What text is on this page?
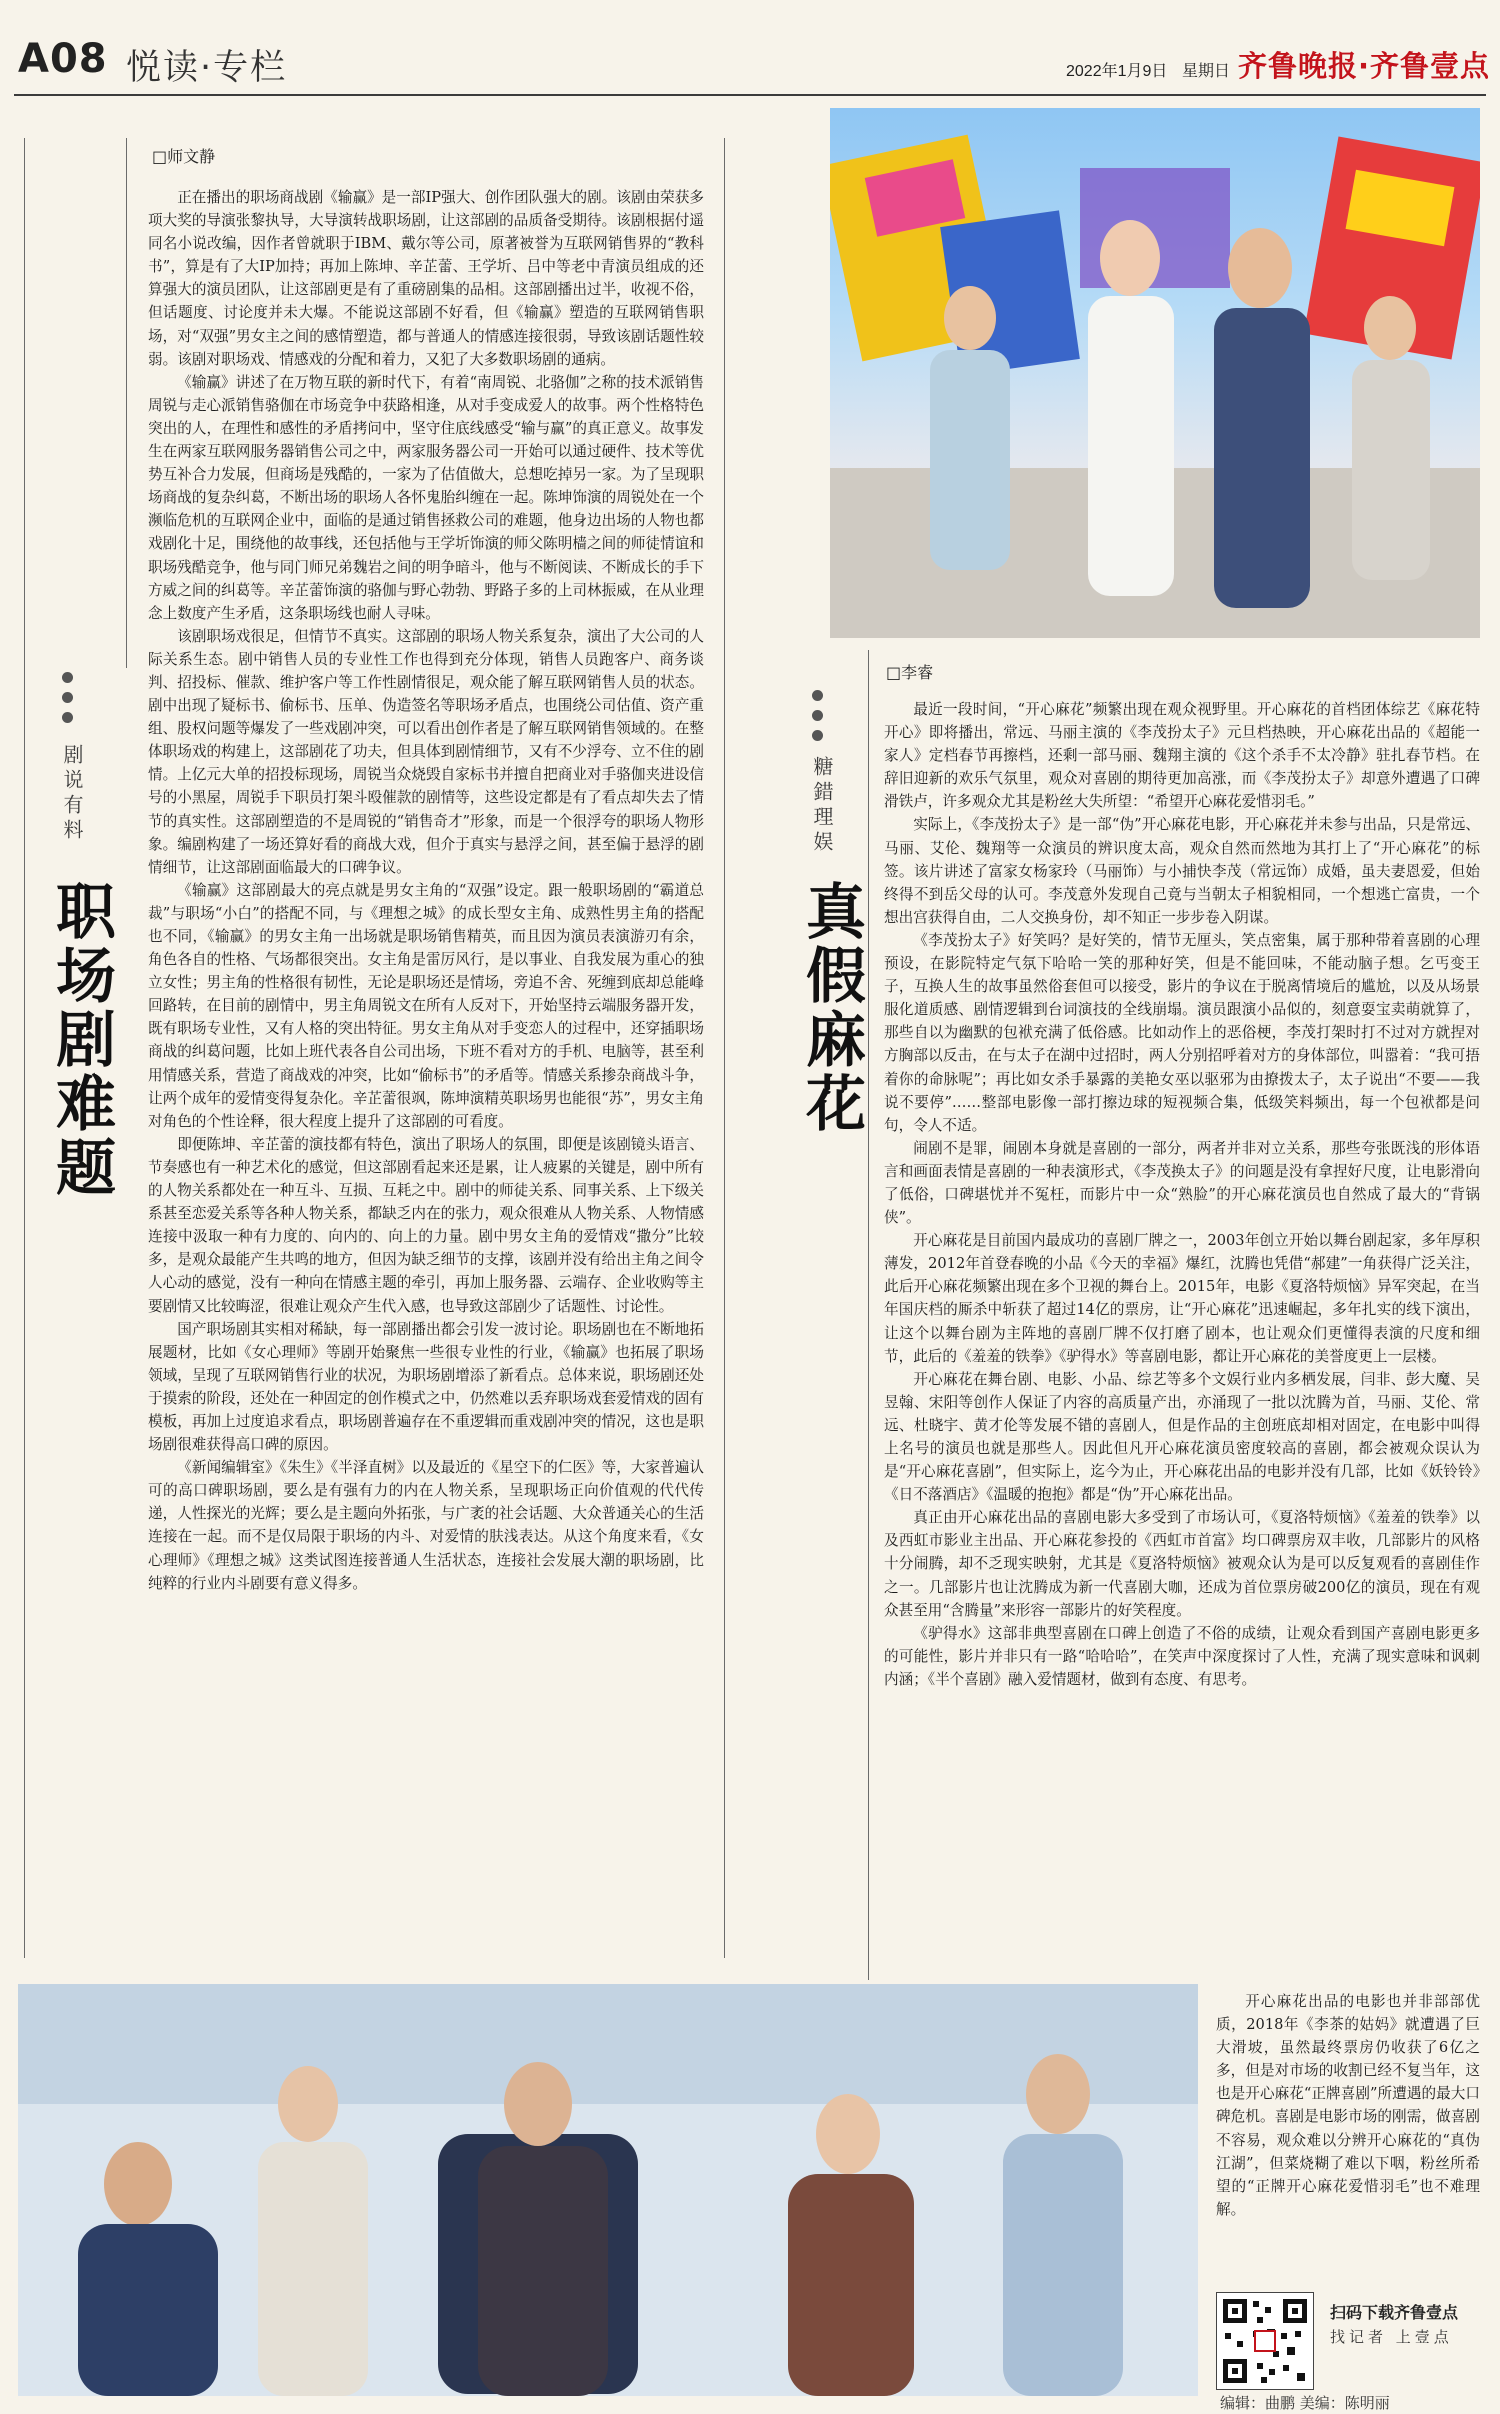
A08 悦读·专栏	2022年1月9日 星期日 齐鲁晚报·齐鲁壹点
□师文静
剧说有料
职场剧难题

正在播出的职场商战剧《输赢》是一部IP强大、创作团队强大的剧。该剧由荣获多项大奖的导演张黎执导，大导演转战职场剧，让这部剧的品质备受期待。该剧根据付遥同名小说改编，因作者曾就职于IBM、戴尔等公司，原著被誉为互联网销售界的“教科书”，算是有了大IP加持；再加上陈坤、辛芷蕾、王学圻、吕中等老中青演员组成的还算强大的演员团队，让这部剧更是有了重磅剧集的品相。这部剧播出过半，收视不俗，但话题度、讨论度并未大爆。不能说这部剧不好看，但《输赢》塑造的互联网销售职场，对“双强”男女主之间的感情塑造，都与普通人的情感连接很弱，导致该剧话题性较弱。该剧对职场戏、情感戏的分配和着力，又犯了大多数职场剧的通病。

《输赢》讲述了在万物互联的新时代下，有着“南周锐、北骆伽”之称的技术派销售周锐与走心派销售骆伽在市场竞争中获路相逢，从对手变成爱人的故事。两个性格特色突出的人，在理性和感性的矛盾拷问中，坚守住底线感受“输与赢”的真正意义。故事发生在两家互联网服务器销售公司之中，两家服务器公司一开始可以通过硬件、技术等优势互补合力发展，但商场是残酷的，一家为了估值做大，总想吃掉另一家。为了呈现职场商战的复杂纠葛，不断出场的职场人各怀鬼胎纠缠在一起。陈坤饰演的周锐处在一个濒临危机的互联网企业中，面临的是通过销售拯救公司的难题，他身边出场的人物也都戏剧化十足，围绕他的故事线，还包括他与王学圻饰演的师父陈明樯之间的师徒情谊和职场残酷竞争，他与同门师兄弟魏岩之间的明争暗斗，他与不断阅读、不断成长的手下方威之间的纠葛等。辛芷蕾饰演的骆伽与野心勃勃、野路子多的上司林振威，在从业理念上数度产生矛盾，这条职场线也耐人寻味。

该剧职场戏很足，但情节不真实。这部剧的职场人物关系复杂，演出了大公司的人际关系生态。剧中销售人员的专业性工作也得到充分体现，销售人员跑客户、商务谈判、招投标、催款、维护客户等工作性剧情很足，观众能了解互联网销售人员的状态。剧中出现了疑标书、偷标书、压单、伪造签名等职场矛盾点，也围绕公司估值、资产重组、股权问题等爆发了一些戏剧冲突，可以看出创作者是了解互联网销售领域的。在整体职场戏的构建上，这部剧花了功夫，但具体到剧情细节，又有不少浮夸、立不住的剧情。上亿元大单的招投标现场，周锐当众烧毁自家标书并擅自把商业对手骆伽夹进设信号的小黑屋，周锐手下职员打架斗殴催款的剧情等，这些设定都是有了看点却失去了情节的真实性。这部剧塑造的不是周锐的“销售奇才”形象，而是一个很浮夸的职场人物形象。编剧构建了一场还算好看的商战大戏，但介于真实与悬浮之间，甚至偏于悬浮的剧情细节，让这部剧面临最大的口碑争议。

《输赢》这部剧最大的亮点就是男女主角的“双强”设定。跟一般职场剧的“霸道总裁”与职场“小白”的搭配不同，与《理想之城》的成长型女主角、成熟性男主角的搭配也不同，《输赢》的男女主角一出场就是职场销售精英，而且因为演员表演游刃有余，角色各自的性格、气场都很突出。女主角是雷厉风行，是以事业、自我发展为重心的独立女性；男主角的性格很有韧性，无论是职场还是情场，旁追不舍、死缠到底却总能峰回路转，在目前的剧情中，男主角周锐文在所有人反对下，开始坚持云端服务器开发，既有职场专业性，又有人格的突出特征。男女主角从对手变恋人的过程中，还穿插职场商战的纠葛问题，比如上班代表各自公司出场，下班不看对方的手机、电脑等，甚至利用情感关系，营造了商战戏的冲突，比如“偷标书”的矛盾等。情感关系掺杂商战斗争，让两个成年的爱情变得复杂化。辛芷蕾很飒，陈坤演精英职场男也能很“苏”，男女主角对角色的个性诠释，很大程度上提升了这部剧的可看度。

即便陈坤、辛芷蕾的演技都有特色，演出了职场人的氛围，即便是该剧镜头语言、节奏感也有一种艺术化的感觉，但这部剧看起来还是累，让人疲累的关键是，剧中所有的人物关系都处在一种互斗、互损、互耗之中。剧中的师徒关系、同事关系、上下级关系甚至恋爱关系等各种人物关系，都缺乏内在的张力，观众很难从人物关系、人物情感连接中汲取一种有力度的、向内的、向上的力量。剧中男女主角的爱情戏“撒分”比较多，是观众最能产生共鸣的地方，但因为缺乏细节的支撑，该剧并没有给出主角之间令人心动的感觉，没有一种向在情感主题的牵引，再加上服务器、云端存、企业收购等主要剧情又比较晦涩，很难让观众产生代入感，也导致这部剧少了话题性、讨论性。

国产职场剧其实相对稀缺，每一部剧播出都会引发一波讨论。职场剧也在不断地拓展题材，比如《女心理师》等剧开始聚焦一些很专业性的行业，《输赢》也拓展了职场领域，呈现了互联网销售行业的状况，为职场剧增添了新看点。总体来说，职场剧还处于摸索的阶段，还处在一种固定的创作模式之中，仍然难以丢弃职场戏套爱情戏的固有模板，再加上过度追求看点，职场剧普遍存在不重逻辑而重戏剧冲突的情况，这也是职场剧很难获得高口碑的原因。

《新闻编辑室》《朱生》《半泽直树》以及最近的《星空下的仁医》等，大家普遍认可的高口碑职场剧，要么是有强有力的内在人物关系，呈现职场正向价值观的代代传递，人性探光的光辉；要么是主题向外拓张，与广袤的社会话题、大众普通关心的生活连接在一起。而不是仅局限于职场的内斗、对爱情的肤浅表达。从这个角度来看，《女心理师》《理想之城》这类试图连接普通人生活状态，连接社会发展大潮的职场剧，比纯粹的行业内斗剧要有意义得多。

□李睿
糖錯理娱
真假麻花

最近一段时间，“开心麻花”频繁出现在观众视野里。开心麻花的首档团体综艺《麻花特开心》即将播出，常远、马丽主演的《李茂扮太子》元旦档热映，开心麻花出品的《超能一家人》定档春节再擦档，还剩一部马丽、魏翔主演的《这个杀手不太冷静》驻扎春节档。在辞旧迎新的欢乐气氛里，观众对喜剧的期待更加高涨，而《李茂扮太子》却意外遭遇了口碑滑铁卢，许多观众尤其是粉丝大失所望：“希望开心麻花爱惜羽毛。”

实际上，《李茂扮太子》是一部“伪”开心麻花电影，开心麻花并未参与出品，只是常远、马丽、艾伦、魏翔等一众演员的辨识度太高，观众自然而然地为其打上了“开心麻花”的标签。该片讲述了富家女杨家玲（马丽饰）与小捕快李茂（常远饰）成婚，虽夫妻恩爱，但始终得不到岳父母的认可。李茂意外发现自己竟与当朝太子相貌相同，一个想逃亡富贵，一个想出宫获得自由，二人交换身份，却不知正一步步卷入阴谋。

《李茂扮太子》好笑吗？是好笑的，情节无厘头，笑点密集，属于那种带着喜剧的心理预设，在影院特定气氛下哈哈一笑的那种好笑，但是不能回味，不能动脑子想。乞丐变王子，互换人生的故事虽然俗套但可以接受，影片的争议在于脱离情境后的尴尬，以及从场景服化道质感、剧情逻辑到台词演技的全线崩塌。演员跟演小品似的，刻意耍宝卖萌就算了，那些自以为幽默的包袱充满了低俗感。比如动作上的恶俗梗，李茂打架时打不过对方就捏对方胸部以反击，在与太子在湖中过招时，两人分别招呼着对方的身体部位，叫嚣着：“我可捂着你的命脉呢”；再比如女杀手暴露的美艳女巫以驱邪为由撩拨太子，太子说出“不要——我说不要停”……整部电影像一部打擦边球的短视频合集，低级笑料频出，每一个包袱都是问句，令人不适。

闹剧不是罪，闹剧本身就是喜剧的一部分，两者并非对立关系，那些夸张既浅的形体语言和画面表情是喜剧的一种表演形式，《李茂换太子》的问题是没有拿捏好尺度，让电影滑向了低俗，口碑堪忧并不冤枉，而影片中一众“熟脸”的开心麻花演员也自然成了最大的“背锅侠”。

开心麻花是目前国内最成功的喜剧厂牌之一，2003年创立开始以舞台剧起家，多年厚积薄发，2012年首登春晚的小品《今天的幸福》爆红，沈腾也凭借“郝建”一角获得广泛关注，此后开心麻花频繁出现在多个卫视的舞台上。2015年，电影《夏洛特烦恼》异军突起，在当年国庆档的厮杀中斩获了超过14亿的票房，让“开心麻花”迅速崛起，多年扎实的线下演出，让这个以舞台剧为主阵地的喜剧厂牌不仅打磨了剧本，也让观众们更懂得表演的尺度和细节，此后的《羞羞的铁拳》《驴得水》等喜剧电影，都让开心麻花的美誉度更上一层楼。

开心麻花在舞台剧、电影、小品、综艺等多个文娱行业内多栖发展，闫非、彭大魔、吴昱翰、宋阳等创作人保证了内容的高质量产出，亦涌现了一批以沈腾为首，马丽、艾伦、常远、杜晓宇、黄才伦等发展不错的喜剧人，但是作品的主创班底却相对固定，在电影中叫得上名号的演员也就是那些人。因此但凡开心麻花演员密度较高的喜剧，都会被观众误认为是“开心麻花喜剧”，但实际上，迄今为止，开心麻花出品的电影并没有几部，比如《妖铃铃》《日不落酒店》《温暖的抱抱》都是“伪”开心麻花出品。

真正由开心麻花出品的喜剧电影大多受到了市场认可，《夏洛特烦恼》《羞羞的铁拳》以及西虹市影业主出品、开心麻花参投的《西虹市首富》均口碑票房双丰收，几部影片的风格十分闹腾，却不乏现实映射，尤其是《夏洛特烦恼》被观众认为是可以反复观看的喜剧佳作之一。几部影片也让沈腾成为新一代喜剧大咖，还成为首位票房破200亿的演员，现在有观众甚至用“含腾量”来形容一部影片的好笑程度。

《驴得水》这部非典型喜剧在口碑上创造了不俗的成绩，让观众看到国产喜剧电影更多的可能性，影片并非只有一路“哈哈哈”，在笑声中深度探讨了人性，充满了现实意味和讽刺内涵；《半个喜剧》融入爱情题材，做到有态度、有思考。

开心麻花出品的电影也并非部部优质，2018年《李茶的姑妈》就遭遇了巨大滑坡，虽然最终票房仍收获了6亿之多，但是对市场的收割已经不复当年，这也是开心麻花“正牌喜剧”所遭遇的最大口碑危机。喜剧是电影市场的刚需，做喜剧不容易，观众难以分辨开心麻花的“真伪江湖”，但菜烧糊了难以下咽，粉丝所希望的“正牌开心麻花爱惜羽毛”也不难理解。

扫码下载齐鲁壹点
找记者 上壹点
编辑：曲鹏 美编：陈明丽
